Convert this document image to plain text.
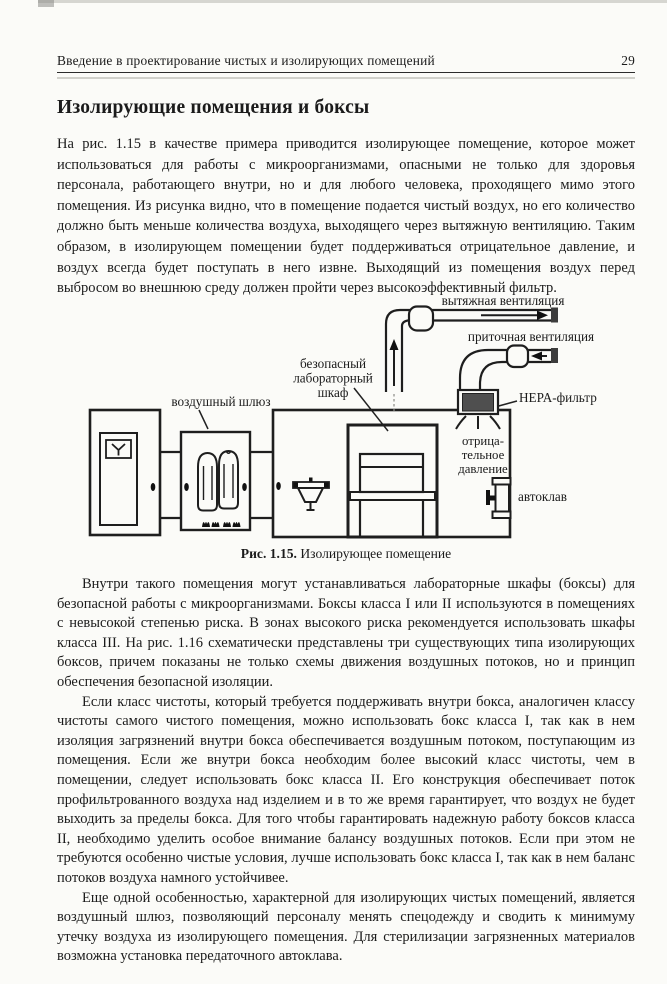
Введение в проектирование чистых и изолирующих помещений	29
Изолирующие помещения и боксы

На рис. 1.15 в качестве примера приводится изолирующее помещение, которое может использоваться для работы с микроорганизмами, опасными не только для здоровья персонала, работающего внутри, но и для любого человека, проходящего мимо этого помещения. Из рисунка видно, что в помещение подается чистый воздух, но его количество должно быть меньше количества воздуха, выходящего через вытяжную вентиляцию. Таким образом, в изолирующем помещении будет поддерживаться отрицательное давление, и воздух всегда будет поступать в него извне. Выходящий из помещения воздух перед выбросом во внешнюю среду должен пройти через высокоэффективный фильтр.

вытяжная вентиляция
приточная вентиляция
HEPA-фильтр
воздушный шлюз
безопасный
лабораторный
шкаф
отрица-
тельное
давление
автоклав
Рис. 1.15. Изолирующее помещение

Внутри такого помещения могут устанавливаться лабораторные шкафы (боксы) для безопасной работы с микроорганизмами. Боксы класса I или II используются в помещениях с невысокой степенью риска. В зонах высокого риска рекомендуется использовать шкафы класса III. На рис. 1.16 схематически представлены три существующих типа изолирующих боксов, причем показаны не только схемы движения воздушных потоков, но и принцип обеспечения безопасной изоляции.

Если класс чистоты, который требуется поддерживать внутри бокса, аналогичен классу чистоты самого чистого помещения, можно использовать бокс класса I, так как в нем изоляция загрязнений внутри бокса обеспечивается воздушным потоком, поступающим из помещения. Если же внутри бокса необходим более высокий класс чистоты, чем в помещении, следует использовать бокс класса II. Его конструкция обеспечивает поток профильтрованного воздуха над изделием и в то же время гарантирует, что воздух не будет выходить за пределы бокса. Для того чтобы гарантировать надежную работу боксов класса II, необходимо уделить особое внимание балансу воздушных потоков. Если при этом не требуются особенно чистые условия, лучше использовать бокс класса I, так как в нем баланс потоков воздуха намного устойчивее.

Еще одной особенностью, характерной для изолирующих чистых помещений, является воздушный шлюз, позволяющий персоналу менять спецодежду и сводить к минимуму утечку воздуха из изолирующего помещения. Для стерилизации загрязненных материалов возможна установка передаточного автоклава.
